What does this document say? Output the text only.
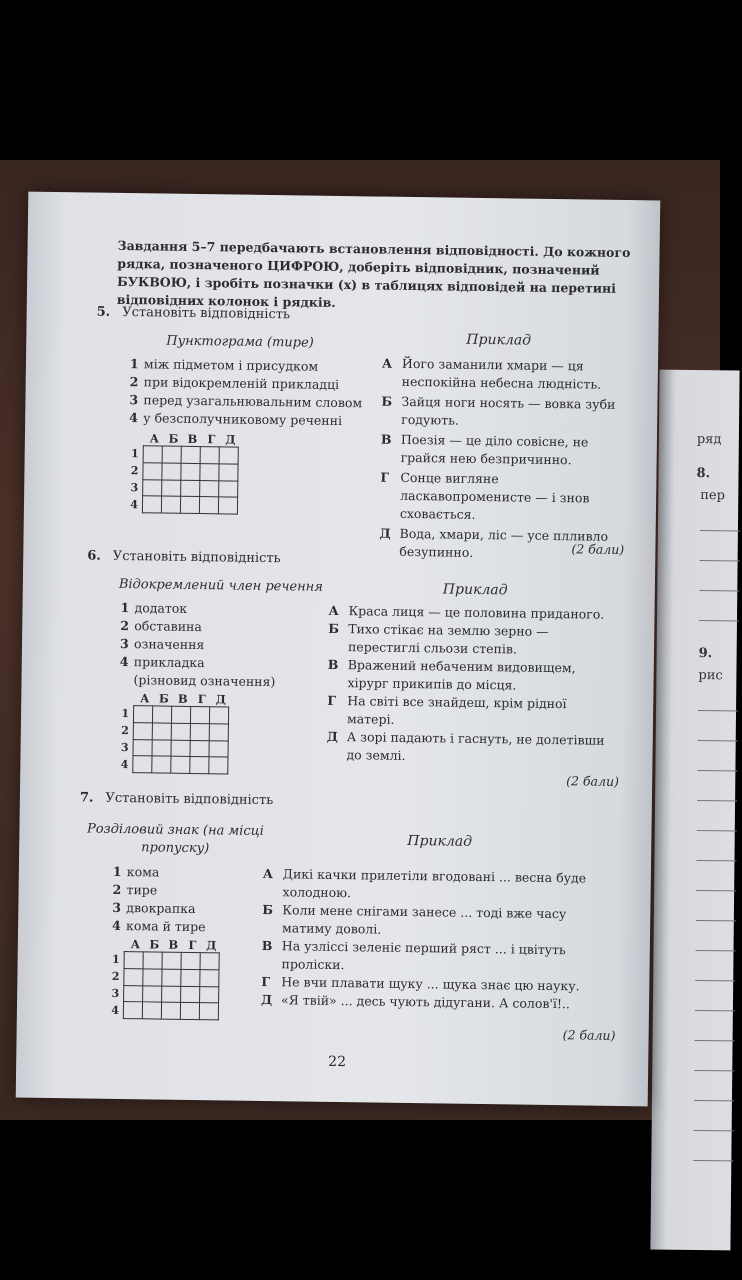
ряд
8.
пер
9.
рис
Завдання 5–7 передбачають встановлення відповідності. До кожного рядка, позначеного ЦИФРОЮ, доберіть відповідник, позначений БУКВОЮ, і зробіть позначки (х) в таблицях відповідей на перетині відповідних колонок і рядків.
5. Установіть відповідність
Пунктограма (тире)	Приклад
1 між підметом і присудком
2 при відокремленій прикладці
3 перед узагальнювальним словом
4 у безсполучниковому реченні
А Б В Г Д
1
2
3
4

А Його заманили хмари — ця неспокійна небесна людність.
Б Зайця ноги носять — вовка зуби годують.
В Поезія — це діло совісне, не грайся нею безпричинно.
Г Сонце вигляне ласкавопроменисте — і знов сховається.
Д Вода, хмари, ліс — усе плливло безупинно.	(2 бали)
6. Установіть відповідність
Відокремлений член речення	Приклад
1 додаток
2 обставина
3 означення
4 прикладка
(різновид означення)
А Б В Г Д
1
2
3
4

А Краса лиця — це половина приданого.
Б Тихо стікає на землю зерно — перестиглі сльози степів.
В Вражений небаченим видовищем, хірург прикипів до місця.
Г На світі все знайдеш, крім рідної матері.
Д А зорі падають і гаснуть, не долетівши до землі.
(2 бали)
7. Установіть відповідність
Розділовий знак (на місці пропуску)	Приклад
1 кома
2 тире
3 двокрапка
4 кома й тире
А Б В Г Д
1
2
3
4

А Дикі качки прилетіли вгодовані ... весна буде холодною.
Б Коли мене снігами занесе ... тоді вже часу матиму доволі.
В На узліссі зеленіє перший ряст ... і цвітуть проліски.
Г Не вчи плавати щуку ... щука знає цю науку.
Д «Я твій» ... десь чують дідугани. А солов'ї!..
(2 бали)
22
